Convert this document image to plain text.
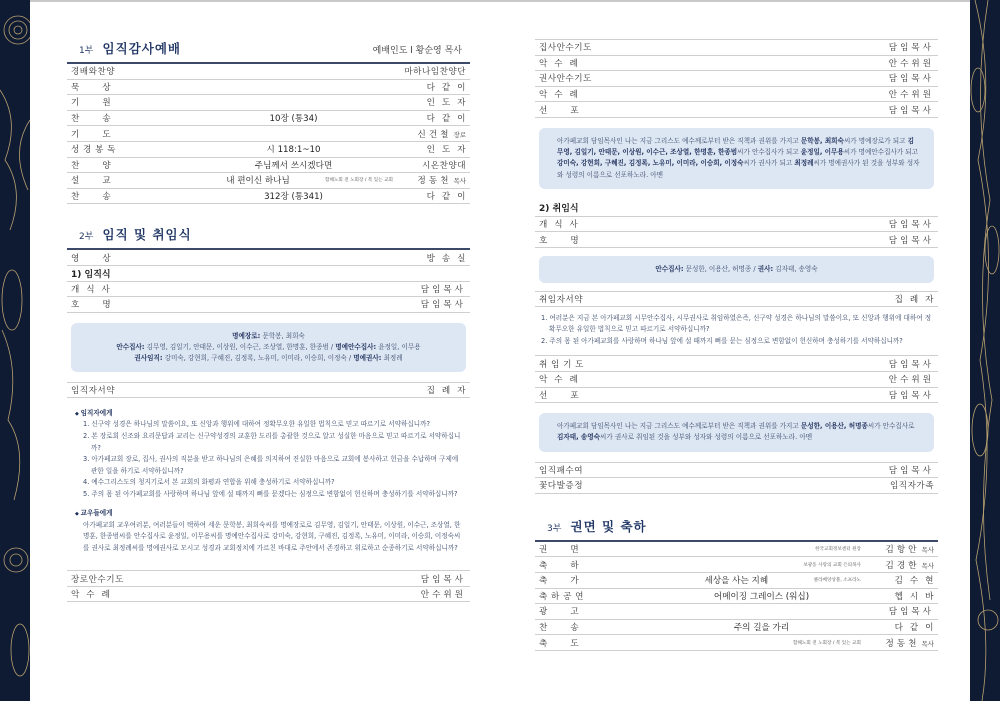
1부 임직감사예배	예배인도 l 황순영 목사
경배와찬양	마하나임찬양단
묵       상	다  같  이
기       원	인  도  자
찬       송	10장 (통34)	다  같  이
기       도	신건철 장로
성 경 봉 독	시 118:1~10	인  도  자
찬       양	주님께서 쓰시겠다면	시온찬양대
설       교	내 편이신 하나님	함해노회 전 노회장 / 복 있는 교회	정동천 목사
찬       송	312장 (통341)	다  같  이
2부 임직 및 취임식
영       상	방  송  실
1) 임직식
개  식  사	담임목사
호       명	담임목사
명예장로: 문학봉, 최희숙
안수집사: 김무영, 김일기, 안태문, 이상원, 이수근, 조상열, 한명훈, 한종범 / 명예안수집사: 윤정일, 이무용
권사임직: 강미숙, 강현희, 구혜진, 김정록, 노유미, 이미라, 이승희, 이정숙 / 명예권사: 최정례
임직자서약	집  례  자
◆ 임직자에게
1. 신구약 성경은 하나님의 말씀이요, 또 신앙과 행위에 대하여 정확무오한 유일한 법칙으로 믿고 따르기로 서약하십니까?
2. 본 장로회 신조와 요리문답과 교리는 신구약성경의 교훈한 도리를 총괄한 것으로 알고 성실한 마음으로 믿고 따르기로 서약하십니까?
3. 아가페교회 장로, 집사, 권사의 직분을 받고 하나님의 은혜를 의지하여 진실한 마음으로 교회에 봉사하고 헌금을 수납하며 구제에 관한 일을 하기로 서약하십니까?
4. 예수그리스도의 청지기로서 본 교회의 화평과 연합을 위해 충성하기로 서약하십니까?
5. 주의 몸 된 아가페교회를 사랑하며 하나님 앞에 설 때까지 뼈를 묻겠다는 심정으로 변함없이 헌신하며 충성하기를 서약하십니까?
◆ 교우들에게
아가페교회 교우여러분, 여러분들이 택하여 세운 문학봉, 최희숙씨를 명예장로로 김무영, 김일기, 안태문, 이상원, 이수근, 조상열, 한명훈, 한종범씨를 안수집사로 윤정일, 이무용씨를 명예안수집사로 강미숙, 강현희, 구혜진, 김정록, 노유미, 이미라, 이승희, 이정숙씨를 권사로 최정례씨를 명예권사로 모시고 성경과 교회정치에 가르친 바대로 주안에서 존경하고 위로하고 순종하기로 서약하십니까?
장로안수기도	담임목사
악  수  례	안수위원
집사안수기도	담임목사
악  수  례	안수위원
권사안수기도	담임목사
악  수  례	안수위원
선       포	담임목사
아가페교회 담임목사인 나는 지금 그리스도 예수께로부터 받은 직책과 권위를 가지고 문학봉, 최희숙씨가 명예장로가 되고 김무영, 김일기, 안태문, 이상원, 이수근, 조상열, 한명훈, 한종범씨가 안수집사가 되고 윤정일, 이무용씨가 명예안수집사가 되고 강미숙, 강현희, 구혜진, 김정록, 노유미, 이미라, 이승희, 이정숙씨가 권사가 되고 최정례씨가 명예권사가 된 것을 성부와 성자와 성령의 이름으로 선포하노라. 아멘
2) 취임식
개  식  사	담임목사
호       명	담임목사
안수집사: 문성한, 이용산, 허명종 / 권사: 김자태, 송영숙
취임자서약	집  례  자
1. 여러분은 지금 본 아가페교회 시무안수집사, 시무권사로 취임하였은즉, 신구약 성경은 하나님의 말씀이요, 또 신앙과 행위에 대하여 정확무오한 유일한 법칙으로 믿고 따르기로 서약하십니까?
2. 주의 몸 된 아가페교회를 사랑하며 하나님 앞에 설 때까지 뼈를 묻는 심정으로 변함없이 헌신하며 충성하기를 서약하십니까?
취 임 기 도	담임목사
악  수  례	안수위원
선       포	담임목사
아가페교회 담임목사인 나는 지금 그리스도 예수께로부터 받은 직책과 권위를 가지고 문성한, 이용산, 허명종씨가 안수집사로 김자태, 송영숙씨가 권사로 취임된 것을 성부와 성자와 성령의 이름으로 선포하노라. 아멘
임직패수여	담임목사
꽃다발증정	임직자가족
3부 권면 및 축하
권       면	한국교회정보센터 원장	김항안 목사
축       하	보광동 사랑의 교회 은퇴목사	김경한 목사
축       가	세상을 사는 지혜	클라베앙상블, 소프라노	김  수  현
축 하 공 연	어메이징 그레이스 (워십)	헵  시  바
광       고	담임목사
찬       송	주의 길을 가리	다  같  이
축       도	함해노회 전 노회장 / 복 있는 교회	정동천 목사
